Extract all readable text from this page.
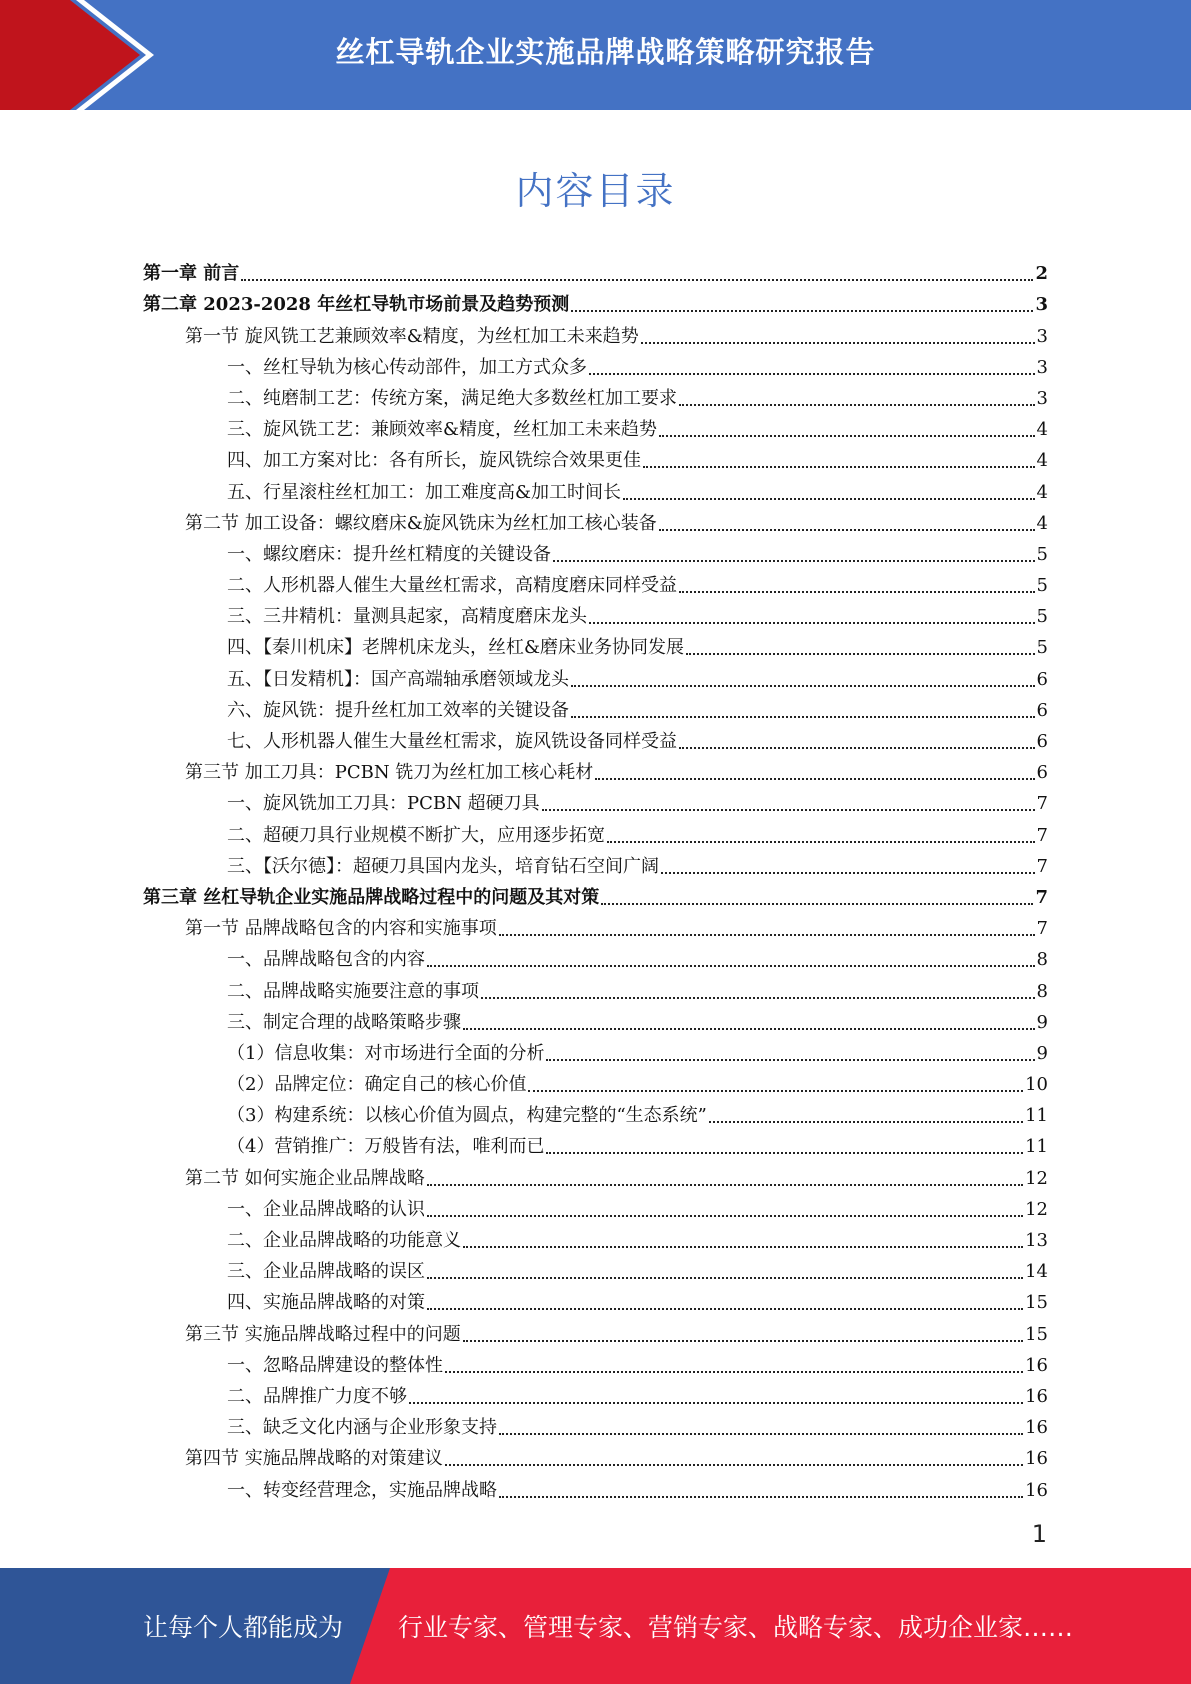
丝杠导轨企业实施品牌战略策略研究报告
内容目录
第一章 前言	2
第二章 2023-2028 年丝杠导轨市场前景及趋势预测	3
第一节 旋风铣工艺兼顾效率&精度，为丝杠加工未来趋势	3
一、丝杠导轨为核心传动部件，加工方式众多	3
二、纯磨制工艺：传统方案，满足绝大多数丝杠加工要求	3
三、旋风铣工艺：兼顾效率&精度，丝杠加工未来趋势	4
四、加工方案对比：各有所长，旋风铣综合效果更佳	4
五、行星滚柱丝杠加工：加工难度高&加工时间长	4
第二节 加工设备：螺纹磨床&旋风铣床为丝杠加工核心装备	4
一、螺纹磨床：提升丝杠精度的关键设备	5
二、人形机器人催生大量丝杠需求，高精度磨床同样受益	5
三、三井精机：量测具起家，高精度磨床龙头	5
四、【秦川机床】老牌机床龙头，丝杠&磨床业务协同发展	5
五、【日发精机】：国产高端轴承磨领域龙头	6
六、旋风铣：提升丝杠加工效率的关键设备	6
七、人形机器人催生大量丝杠需求，旋风铣设备同样受益	6
第三节 加工刀具：PCBN 铣刀为丝杠加工核心耗材	6
一、旋风铣加工刀具：PCBN 超硬刀具	7
二、超硬刀具行业规模不断扩大，应用逐步拓宽	7
三、【沃尔德】：超硬刀具国内龙头，培育钻石空间广阔	7
第三章 丝杠导轨企业实施品牌战略过程中的问题及其对策	7
第一节 品牌战略包含的内容和实施事项	7
一、品牌战略包含的内容	8
二、品牌战略实施要注意的事项	8
三、制定合理的战略策略步骤	9
（1）信息收集：对市场进行全面的分析	9
（2）品牌定位：确定自己的核心价值	10
（3）构建系统：以核心价值为圆点，构建完整的“生态系统”	11
（4）营销推广：万般皆有法，唯利而已	11
第二节 如何实施企业品牌战略	12
一、企业品牌战略的认识	12
二、企业品牌战略的功能意义	13
三、企业品牌战略的误区	14
四、实施品牌战略的对策	15
第三节 实施品牌战略过程中的问题	15
一、忽略品牌建设的整体性	16
二、品牌推广力度不够	16
三、缺乏文化内涵与企业形象支持	16
第四节 实施品牌战略的对策建议	16
一、转变经营理念，实施品牌战略	16
1
让每个人都能成为 行业专家、管理专家、营销专家、战略专家、成功企业家……
